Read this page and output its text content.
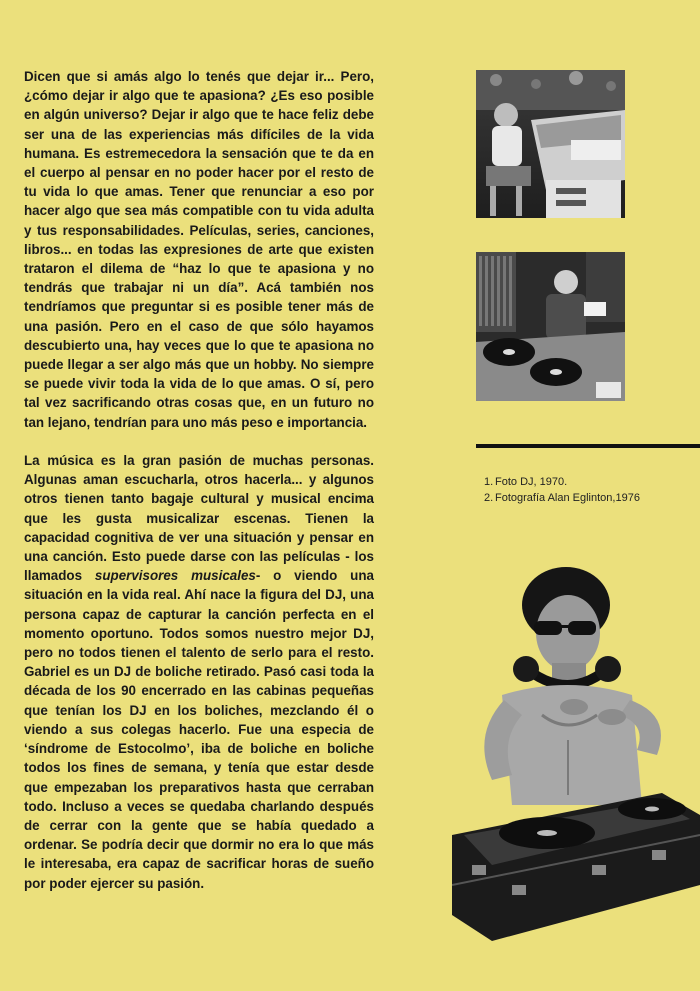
Dicen que si amás algo lo tenés que dejar ir... Pero, ¿cómo dejar ir algo que te apasiona? ¿Es eso posible en algún universo? Dejar ir algo que te hace feliz debe ser una de las experiencias más difíciles de la vida humana. Es estremecedora la sensación que te da en el cuerpo al pensar en no poder hacer por el resto de tu vida lo que amas. Tener que renunciar a eso por hacer algo que sea más compatible con tu vida adulta y tus responsabilidades. Películas, series, canciones, libros... en todas las expresiones de arte que existen trataron el dilema de “haz lo que te apasiona y no tendrás que trabajar ni un día”. Acá también nos tendríamos que preguntar si es posible tener más de una pasión. Pero en el caso de que sólo hayamos descubierto una, hay veces que lo que te apasiona no puede llegar a ser algo más que un hobby. No siempre se puede vivir toda la vida de lo que amas. O sí, pero tal vez sacrificando otras cosas que, en un futuro no tan lejano, tendrían para uno más peso e importancia.

La música es la gran pasión de muchas personas. Algunas aman escucharla, otros hacerla... y algunos otros tienen tanto bagaje cultural y musical encima que les gusta musicalizar escenas. Tienen la capacidad cognitiva de ver una situación y pensar en una canción. Esto puede darse con las películas - los llamados supervisores musicales- o viendo una situación en la vida real. Ahí nace la figura del DJ, una persona capaz de capturar la canción perfecta en el momento oportuno. Todos somos nuestro mejor DJ, pero no todos tienen el talento de serlo para el resto. Gabriel es un DJ de boliche retirado. Pasó casi toda la década de los 90 encerrado en las cabinas pequeñas que tenían los DJ en los boliches, mezclando él o viendo a sus colegas hacerlo. Fue una especia de ‘síndrome de Estocolmo’, iba de boliche en boliche todos los fines de semana, y tenía que estar desde que empezaban los preparativos hasta que cerraban todo. Incluso a veces se quedaba charlando después de cerrar con la gente que se había quedado a ordenar. Se podría decir que dormir no era lo que más le interesaba, era capaz de sacrificar horas de sueño por poder ejercer su pasión.

1. Foto DJ, 1970.
2. Fotografía Alan Eglinton,1976
